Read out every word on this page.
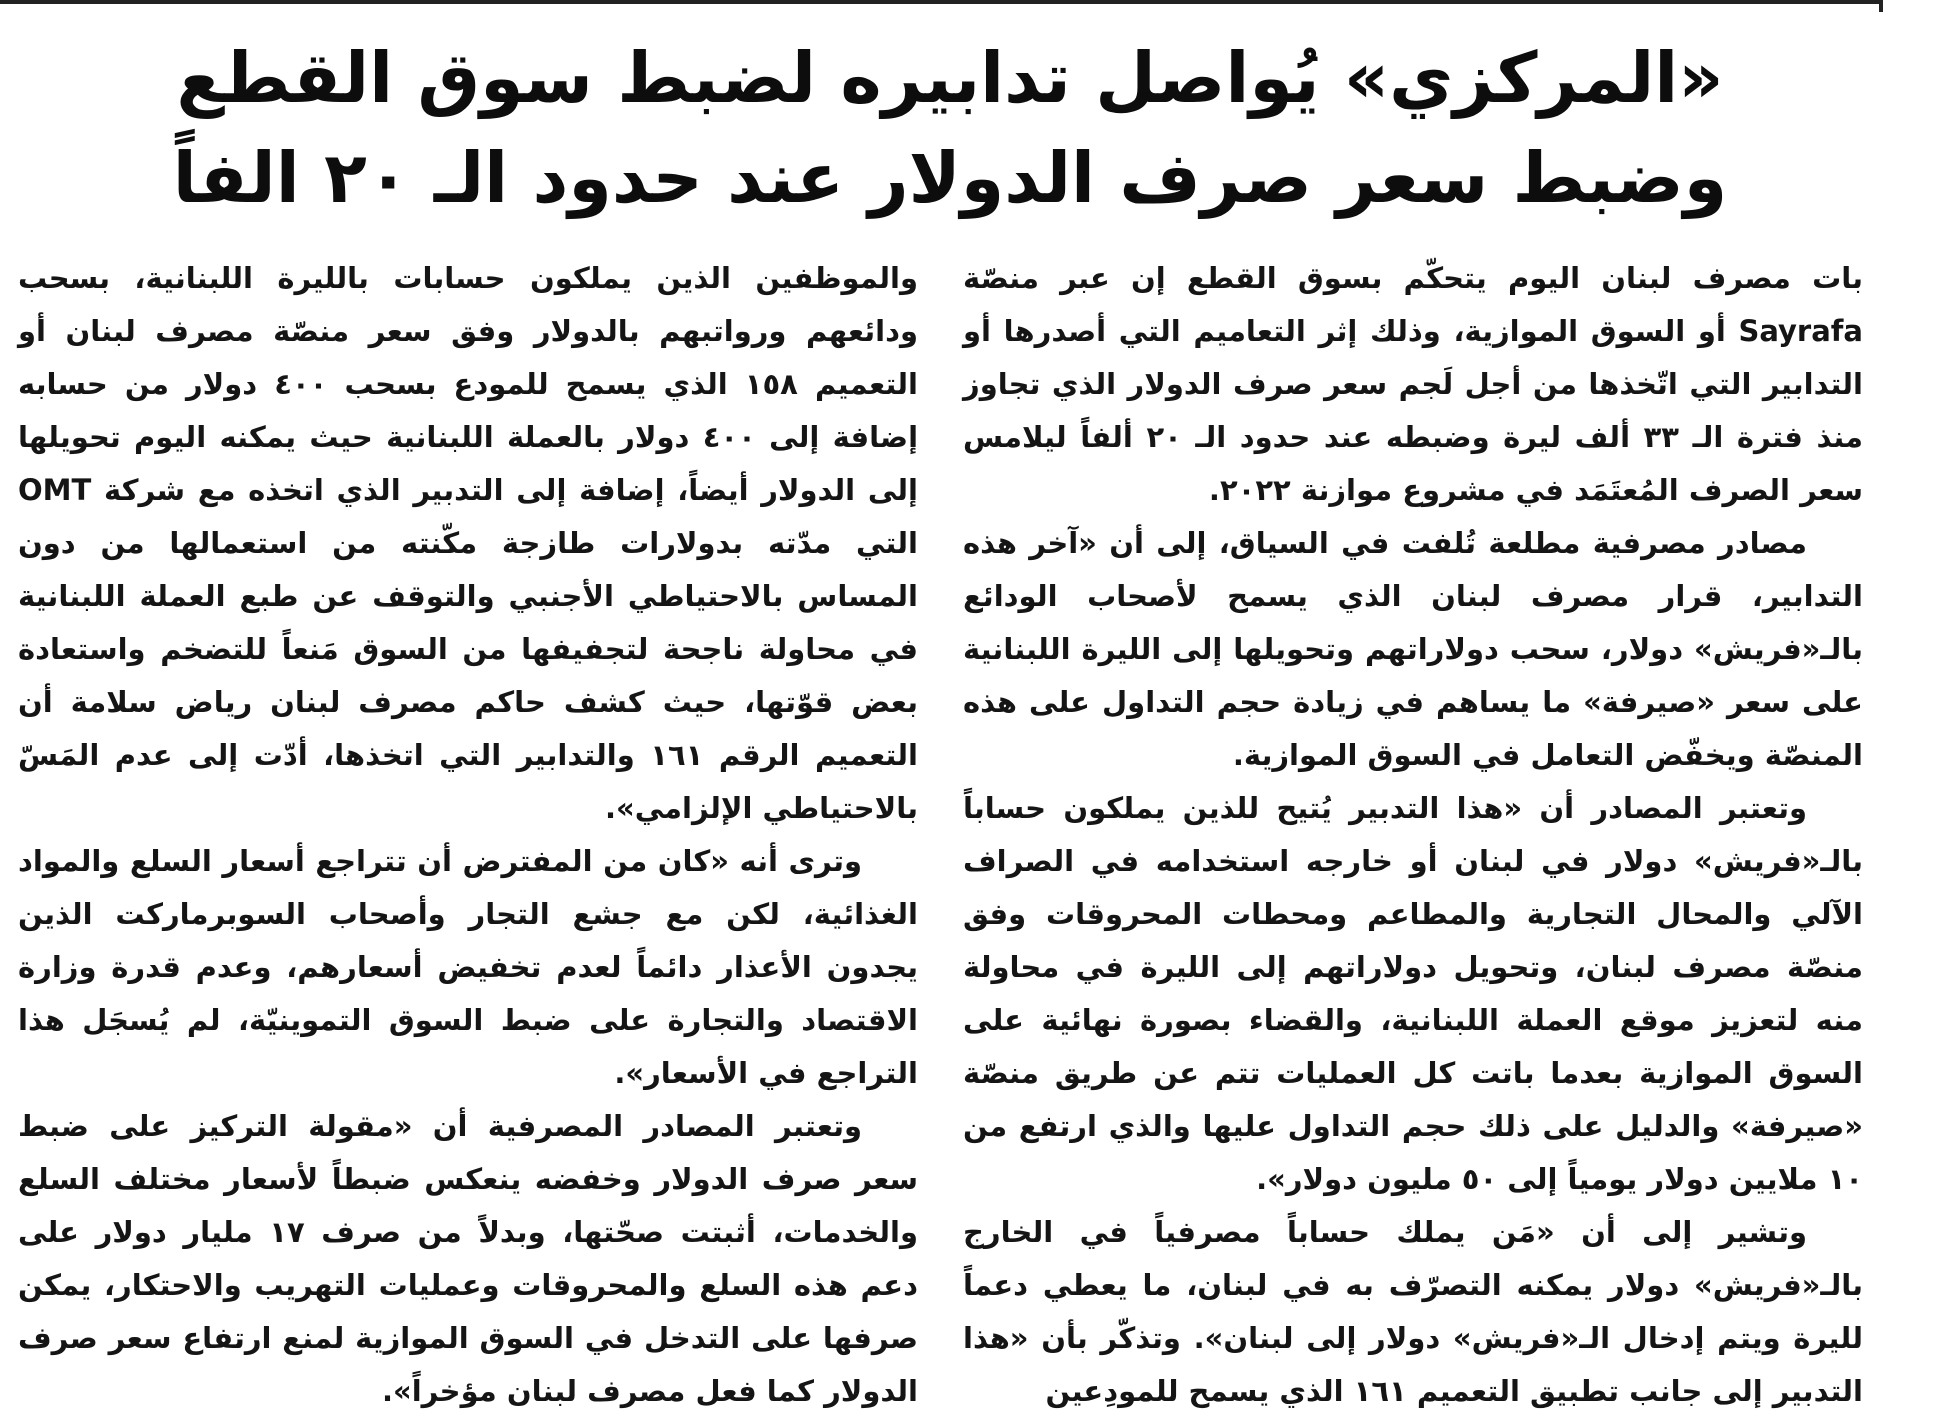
«المركزي» يُواصل تدابيره لضبط سوق القطع
وضبط سعر صرف الدولار عند حدود الـ ٢٠ الفاً

بات مصرف لبنان اليوم يتحكّم بسوق القطع إن عبر منصّة Sayrafa أو السوق الموازية، وذلك إثر التعاميم التي أصدرها أو التدابير التي اتّخذها من أجل لَجم سعر صرف الدولار الذي تجاوز منذ فترة الـ ٣٣ ألف ليرة وضبطه عند حدود الـ ٢٠ ألفاً ليلامس سعر الصرف المُعتَمَد في مشروع موازنة ٢٠٢٢.

مصادر مصرفية مطلعة تُلفت في السياق، إلى أن «آخر هذه التدابير، قرار مصرف لبنان الذي يسمح لأصحاب الودائع بالـ«فريش» دولار، سحب دولاراتهم وتحويلها إلى الليرة اللبنانية على سعر «صيرفة» ما يساهم في زيادة حجم التداول على هذه المنصّة ويخفّض التعامل في السوق الموازية.

وتعتبر المصادر أن «هذا التدبير يُتيح للذين يملكون حساباً بالـ«فريش» دولار في لبنان أو خارجه استخدامه في الصراف الآلي والمحال التجارية والمطاعم ومحطات المحروقات وفق منصّة مصرف لبنان، وتحويل دولاراتهم إلى الليرة في محاولة منه لتعزيز موقع العملة اللبنانية، والقضاء بصورة نهائية على السوق الموازية بعدما باتت كل العمليات تتم عن طريق منصّة «صيرفة» والدليل على ذلك حجم التداول عليها والذي ارتفع من ١٠ ملايين دولار يومياً إلى ٥٠ مليون دولار».

وتشير إلى أن «مَن يملك حساباً مصرفياً في الخارج بالـ«فريش» دولار يمكنه التصرّف به في لبنان، ما يعطي دعماً لليرة ويتم إدخال الـ«فريش» دولار إلى لبنان». وتذكّر بأن «هذا التدبير إلى جانب تطبيق التعميم ١٦١ الذي يسمح للمودِعين

والموظفين الذين يملكون حسابات بالليرة اللبنانية، بسحب ودائعهم ورواتبهم بالدولار وفق سعر منصّة مصرف لبنان أو التعميم ١٥٨ الذي يسمح للمودع بسحب ٤٠٠ دولار من حسابه إضافة إلى ٤٠٠ دولار بالعملة اللبنانية حيث يمكنه اليوم تحويلها إلى الدولار أيضاً، إضافة إلى التدبير الذي اتخذه مع شركة OMT التي مدّته بدولارات طازجة مكّنته من استعمالها من دون المساس بالاحتياطي الأجنبي والتوقف عن طبع العملة اللبنانية في محاولة ناجحة لتجفيفها من السوق مَنعاً للتضخم واستعادة بعض قوّتها، حيث كشف حاكم مصرف لبنان رياض سلامة أن التعميم الرقم ١٦١ والتدابير التي اتخذها، أدّت إلى عدم المَسّ بالاحتياطي الإلزامي».

وترى أنه «كان من المفترض أن تتراجع أسعار السلع والمواد الغذائية، لكن مع جشع التجار وأصحاب السوبرماركت الذين يجدون الأعذار دائماً لعدم تخفيض أسعارهم، وعدم قدرة وزارة الاقتصاد والتجارة على ضبط السوق التموينيّة، لم يُسجَل هذا التراجع في الأسعار».

وتعتبر المصادر المصرفية أن «مقولة التركيز على ضبط سعر صرف الدولار وخفضه ينعكس ضبطاً لأسعار مختلف السلع والخدمات، أثبتت صحّتها، وبدلاً من صرف ١٧ مليار دولار على دعم هذه السلع والمحروقات وعمليات التهريب والاحتكار، يمكن صرفها على التدخل في السوق الموازية لمنع ارتفاع سعر صرف الدولار كما فعل مصرف لبنان مؤخراً».
